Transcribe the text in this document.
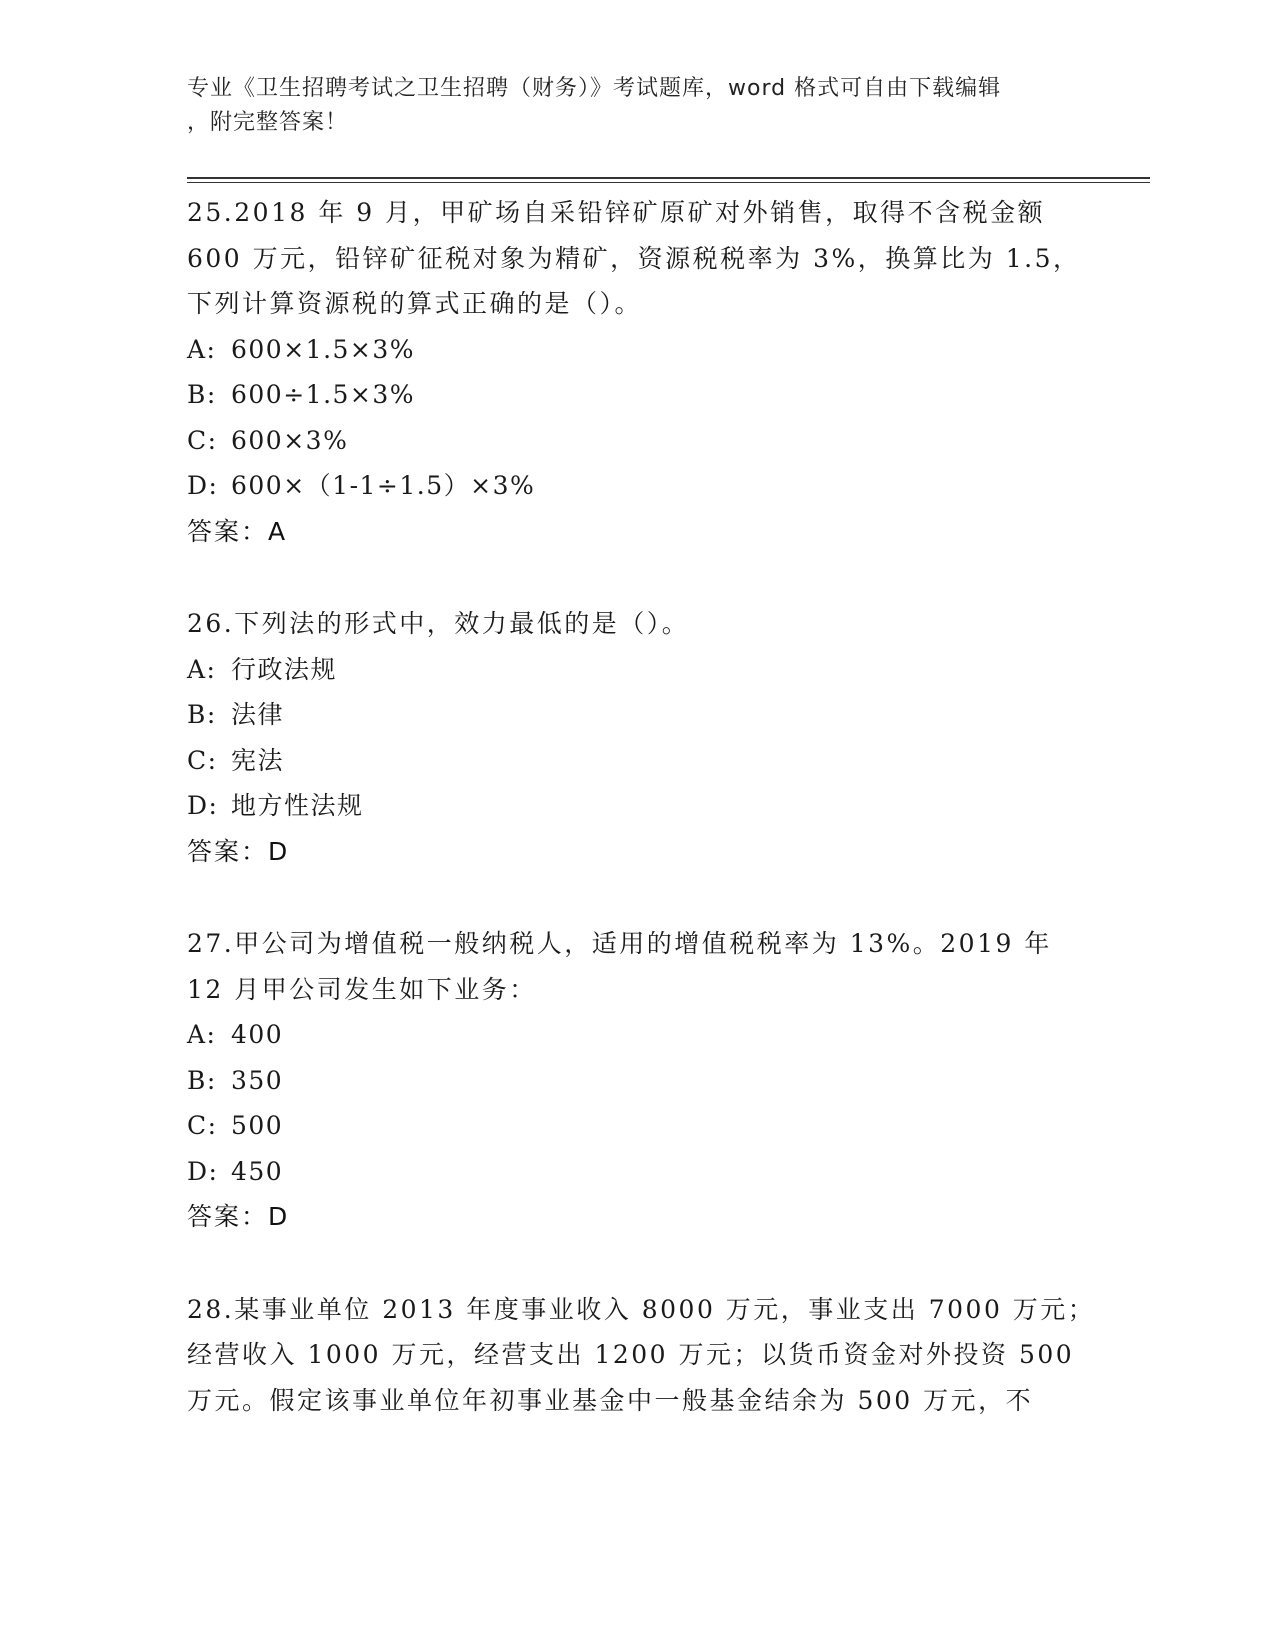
专业《卫生招聘考试之卫生招聘（财务）》考试题库，word 格式可自由下载编辑
，附完整答案！
25.2018 年 9 月，甲矿场自采铅锌矿原矿对外销售，取得不含税金额
600 万元，铅锌矿征税对象为精矿，资源税税率为 3%，换算比为 1.5，
下列计算资源税的算式正确的是（）。
A: 600×1.5×3%
B: 600÷1.5×3%
C: 600×3%
D: 600×（1-1÷1.5）×3%
答案：A
26.下列法的形式中，效力最低的是（）。
A: 行政法规
B: 法律
C: 宪法
D: 地方性法规
答案：D
27.甲公司为增值税一般纳税人，适用的增值税税率为 13%。2019 年
12 月甲公司发生如下业务：
A: 400
B: 350
C: 500
D: 450
答案：D
28.某事业单位 2013 年度事业收入 8000 万元，事业支出 7000 万元；
经营收入 1000 万元，经营支出 1200 万元；以货币资金对外投资 500
万元。假定该事业单位年初事业基金中一般基金结余为 500 万元，不
